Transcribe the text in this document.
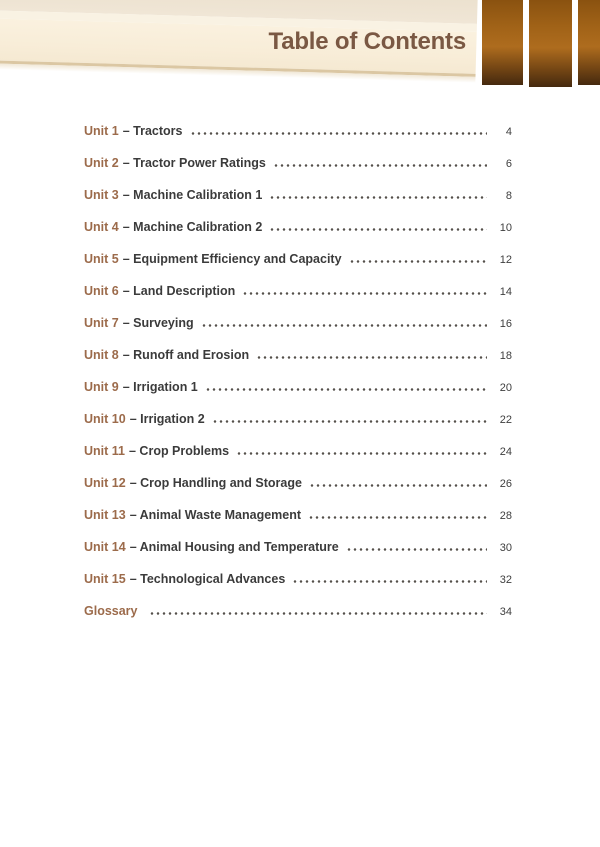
Table of Contents
Unit 1 – Tractors	4
Unit 2 – Tractor Power Ratings	6
Unit 3 – Machine Calibration 1	8
Unit 4 – Machine Calibration 2	10
Unit 5 – Equipment Efficiency and Capacity	12
Unit 6 – Land Description	14
Unit 7 – Surveying	16
Unit 8 – Runoff and Erosion	18
Unit 9 – Irrigation 1	20
Unit 10 – Irrigation 2	22
Unit 11 – Crop Problems	24
Unit 12 – Crop Handling and Storage	26
Unit 13 – Animal Waste Management	28
Unit 14 – Animal Housing and Temperature	30
Unit 15 – Technological Advances	32
Glossary	34
